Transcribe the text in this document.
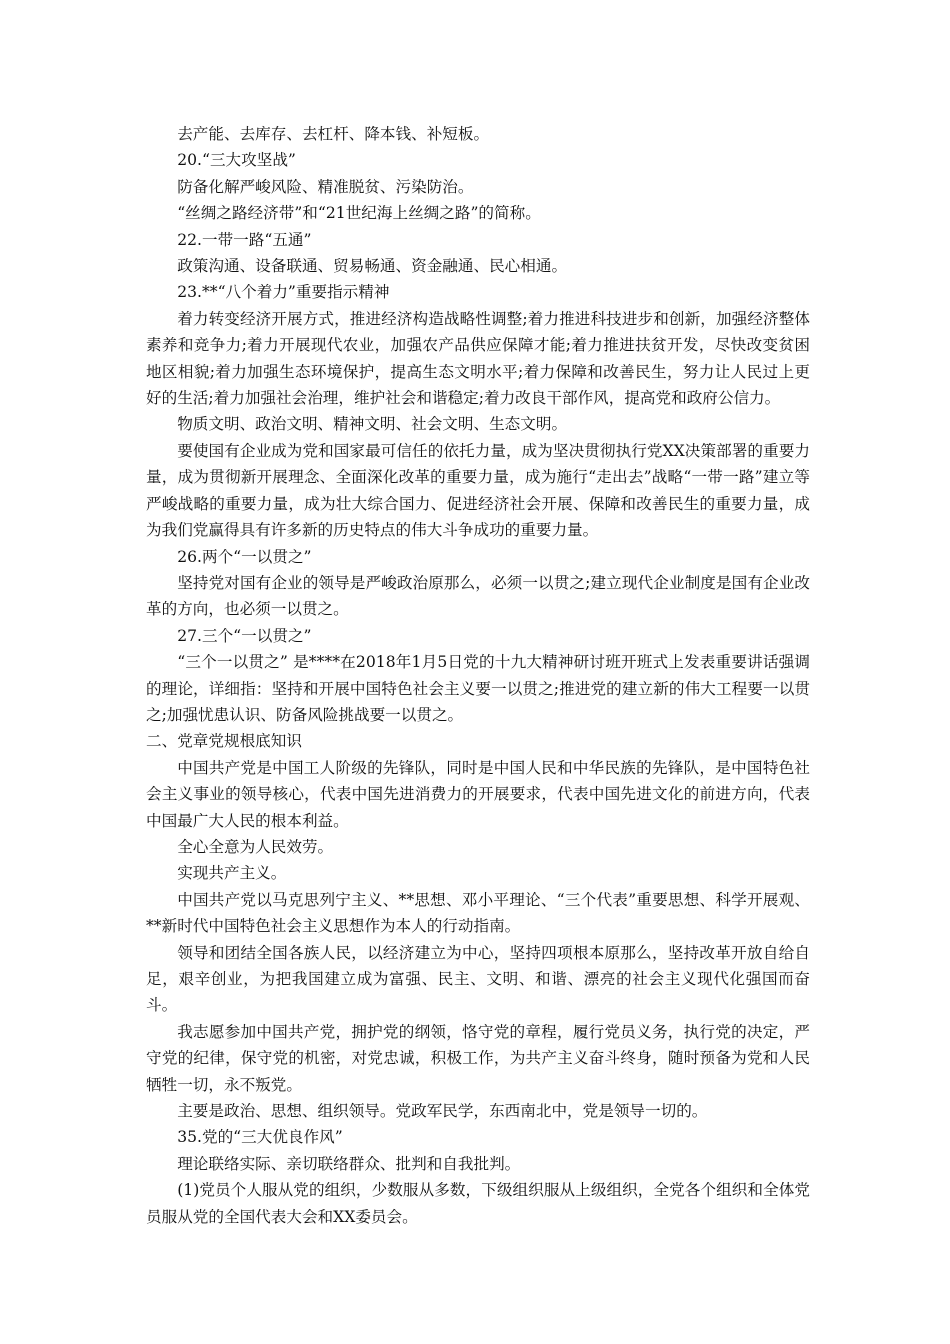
去产能、去库存、去杠杆、降本钱、补短板。

20.“三大攻坚战”

防备化解严峻风险、精准脱贫、污染防治。

“丝绸之路经济带”和“21世纪海上丝绸之路”的简称。

22.一带一路“五通”

政策沟通、设备联通、贸易畅通、资金融通、民心相通。

23.**“八个着力”重要指示精神

着力转变经济开展方式，推进经济构造战略性调整;着力推进科技进步和创新，加强经济整体素养和竞争力;着力开展现代农业，加强农产品供应保障才能;着力推进扶贫开发，尽快改变贫困地区相貌;着力加强生态环境保护，提高生态文明水平;着力保障和改善民生，努力让人民过上更好的生活;着力加强社会治理，维护社会和谐稳定;着力改良干部作风，提高党和政府公信力。

物质文明、政治文明、精神文明、社会文明、生态文明。

要使国有企业成为党和国家最可信任的依托力量，成为坚决贯彻执行党XX决策部署的重要力量，成为贯彻新开展理念、全面深化改革的重要力量，成为施行“走出去”战略“一带一路”建立等严峻战略的重要力量，成为壮大综合国力、促进经济社会开展、保障和改善民生的重要力量，成为我们党赢得具有许多新的历史特点的伟大斗争成功的重要力量。

26.两个“一以贯之”

坚持党对国有企业的领导是严峻政治原那么，必须一以贯之;建立现代企业制度是国有企业改革的方向，也必须一以贯之。

27.三个“一以贯之”

“三个一以贯之” 是****在2018年1月5日党的十九大精神研讨班开班式上发表重要讲话强调的理论，详细指：坚持和开展中国特色社会主义要一以贯之;推进党的建立新的伟大工程要一以贯之;加强忧患认识、防备风险挑战要一以贯之。

二、党章党规根底知识

中国共产党是中国工人阶级的先锋队，同时是中国人民和中华民族的先锋队，是中国特色社会主义事业的领导核心，代表中国先进消费力的开展要求，代表中国先进文化的前进方向，代表中国最广大人民的根本利益。

全心全意为人民效劳。

实现共产主义。

中国共产党以马克思列宁主义、**思想、邓小平理论、“三个代表”重要思想、科学开展观、**新时代中国特色社会主义思想作为本人的行动指南。

领导和团结全国各族人民，以经济建立为中心，坚持四项根本原那么，坚持改革开放自给自足，艰辛创业，为把我国建立成为富强、民主、文明、和谐、漂亮的社会主义现代化强国而奋斗。

我志愿参加中国共产党，拥护党的纲领，恪守党的章程，履行党员义务，执行党的决定，严守党的纪律，保守党的机密，对党忠诚，积极工作，为共产主义奋斗终身，随时预备为党和人民牺牲一切，永不叛党。

主要是政治、思想、组织领导。党政军民学，东西南北中，党是领导一切的。

35.党的“三大优良作风”

理论联络实际、亲切联络群众、批判和自我批判。

(1)党员个人服从党的组织，少数服从多数，下级组织服从上级组织，全党各个组织和全体党员服从党的全国代表大会和XX委员会。
